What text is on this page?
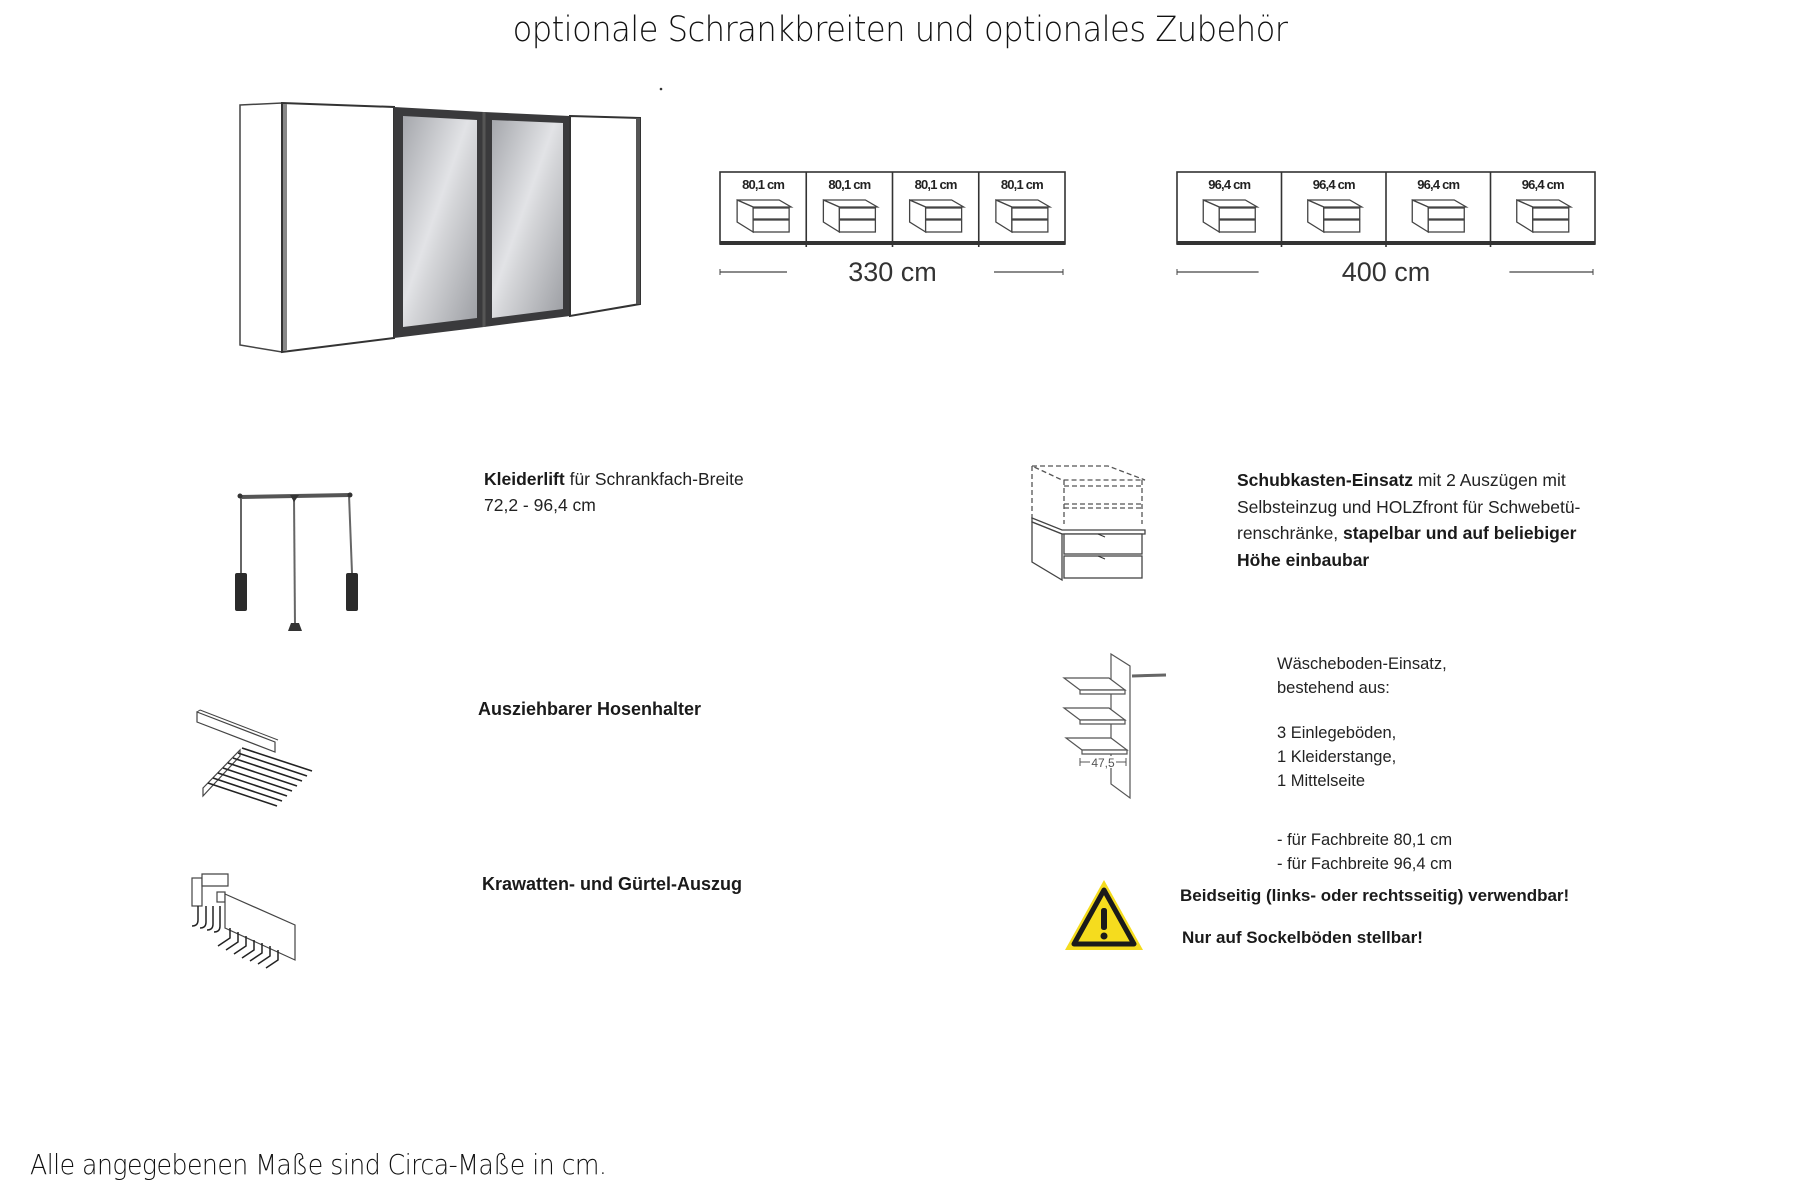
optionale Schrankbreiten und optionales Zubehör
80,1 cm	80,1 cm	80,1 cm	80,1 cm
330 cm
96,4 cm	96,4 cm	96,4 cm	96,4 cm
400 cm
Kleiderlift für Schrankfach-Breite
72,2 - 96,4 cm
Ausziehbarer Hosenhalter
Krawatten- und Gürtel-Auszug
Schubkasten-Einsatz mit 2 Auszügen mit
Selbsteinzug und HOLZfront für Schwebetü-
renschränke, stapelbar und auf beliebiger
Höhe einbaubar
47,5
Wäscheboden-Einsatz,
bestehend aus:
3 Einlegeböden,
1 Kleiderstange,
1 Mittelseite
- für Fachbreite 80,1 cm
- für Fachbreite 96,4 cm
Beidseitig (links- oder rechtsseitig) verwendbar!
Nur auf Sockelböden stellbar!
Alle angegebenen Maße sind Circa-Maße in cm.
